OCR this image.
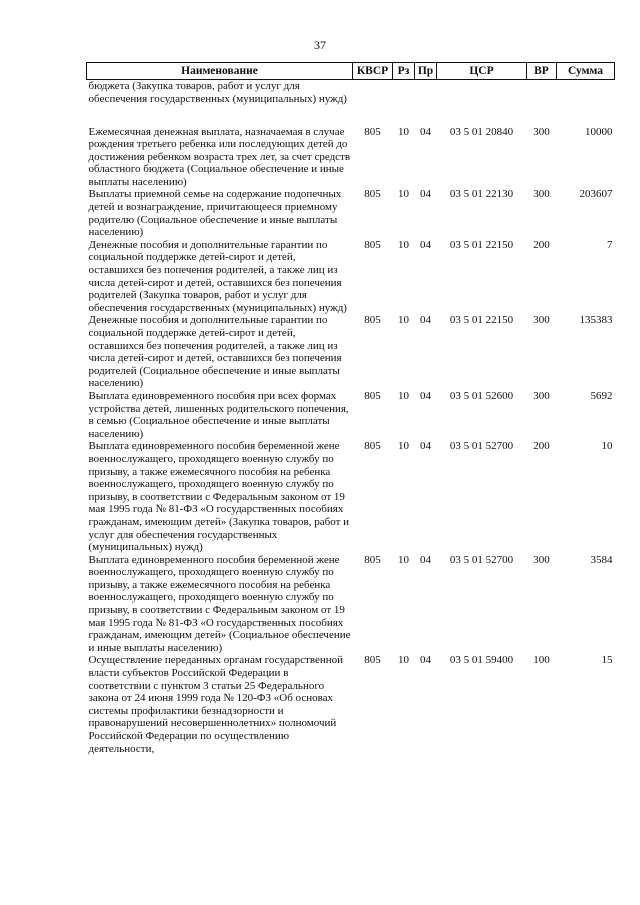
37
Наименование	КВСР	Рз	Пр	ЦСР	ВР	Сумма
бюджета (Закупка товаров, работ и услуг для обеспечения государственных (муниципальных) нужд)						
Ежемесячная денежная выплата, назначаемая в случае рождения третьего ребенка или последующих детей до достижения ребенком возраста трех лет, за счет средств областного бюджета (Социальное обеспечение и иные выплаты населению)	805	10	04	03 5 01 20840	300	10000
Выплаты приемной семье на содержание подопечных детей и вознаграждение, причитающееся приемному родителю (Социальное обеспечение и иные выплаты населению)	805	10	04	03 5 01 22130	300	203607
Денежные пособия и дополнительные гарантии по социальной поддержке детей-сирот и детей, оставшихся без попечения родителей, а также лиц из числа детей-сирот и детей, оставшихся без попечения родителей (Закупка товаров, работ и услуг для обеспечения государственных (муниципальных) нужд)	805	10	04	03 5 01 22150	200	7
Денежные пособия и дополнительные гарантии по социальной поддержке детей-сирот и детей, оставшихся без попечения родителей, а также лиц из числа детей-сирот и детей, оставшихся без попечения родителей (Социальное обеспечение и иные выплаты населению)	805	10	04	03 5 01 22150	300	135383
Выплата единовременного пособия при всех формах устройства детей, лишенных родительского попечения, в семью (Социальное обеспечение и иные выплаты населению)	805	10	04	03 5 01 52600	300	5692
Выплата единовременного пособия беременной жене военнослужащего, проходящего военную службу по призыву, а также ежемесячного пособия на ребенка военнослужащего, проходящего военную службу по призыву, в соответствии с Федеральным законом от 19 мая 1995 года № 81-ФЗ «О государственных пособиях гражданам, имеющим детей» (Закупка товаров, работ и услуг для обеспечения государственных (муниципальных) нужд)	805	10	04	03 5 01 52700	200	10
Выплата единовременного пособия беременной жене военнослужащего, проходящего военную службу по призыву, а также ежемесячного пособия на ребенка военнослужащего, проходящего военную службу по призыву, в соответствии с Федеральным законом от 19 мая 1995 года № 81-ФЗ «О государственных пособиях гражданам, имеющим детей» (Социальное обеспечение и иные выплаты населению)	805	10	04	03 5 01 52700	300	3584
Осуществление переданных органам государственной власти субъектов Российской Федерации в соответствии с пунктом 3 статьи 25 Федерального закона от 24 июня 1999 года № 120-ФЗ «Об основах системы профилактики безнадзорности и правонарушений несовершеннолетних» полномочий Российской Федерации по осуществлению деятельности,	805	10	04	03 5 01 59400	100	15
